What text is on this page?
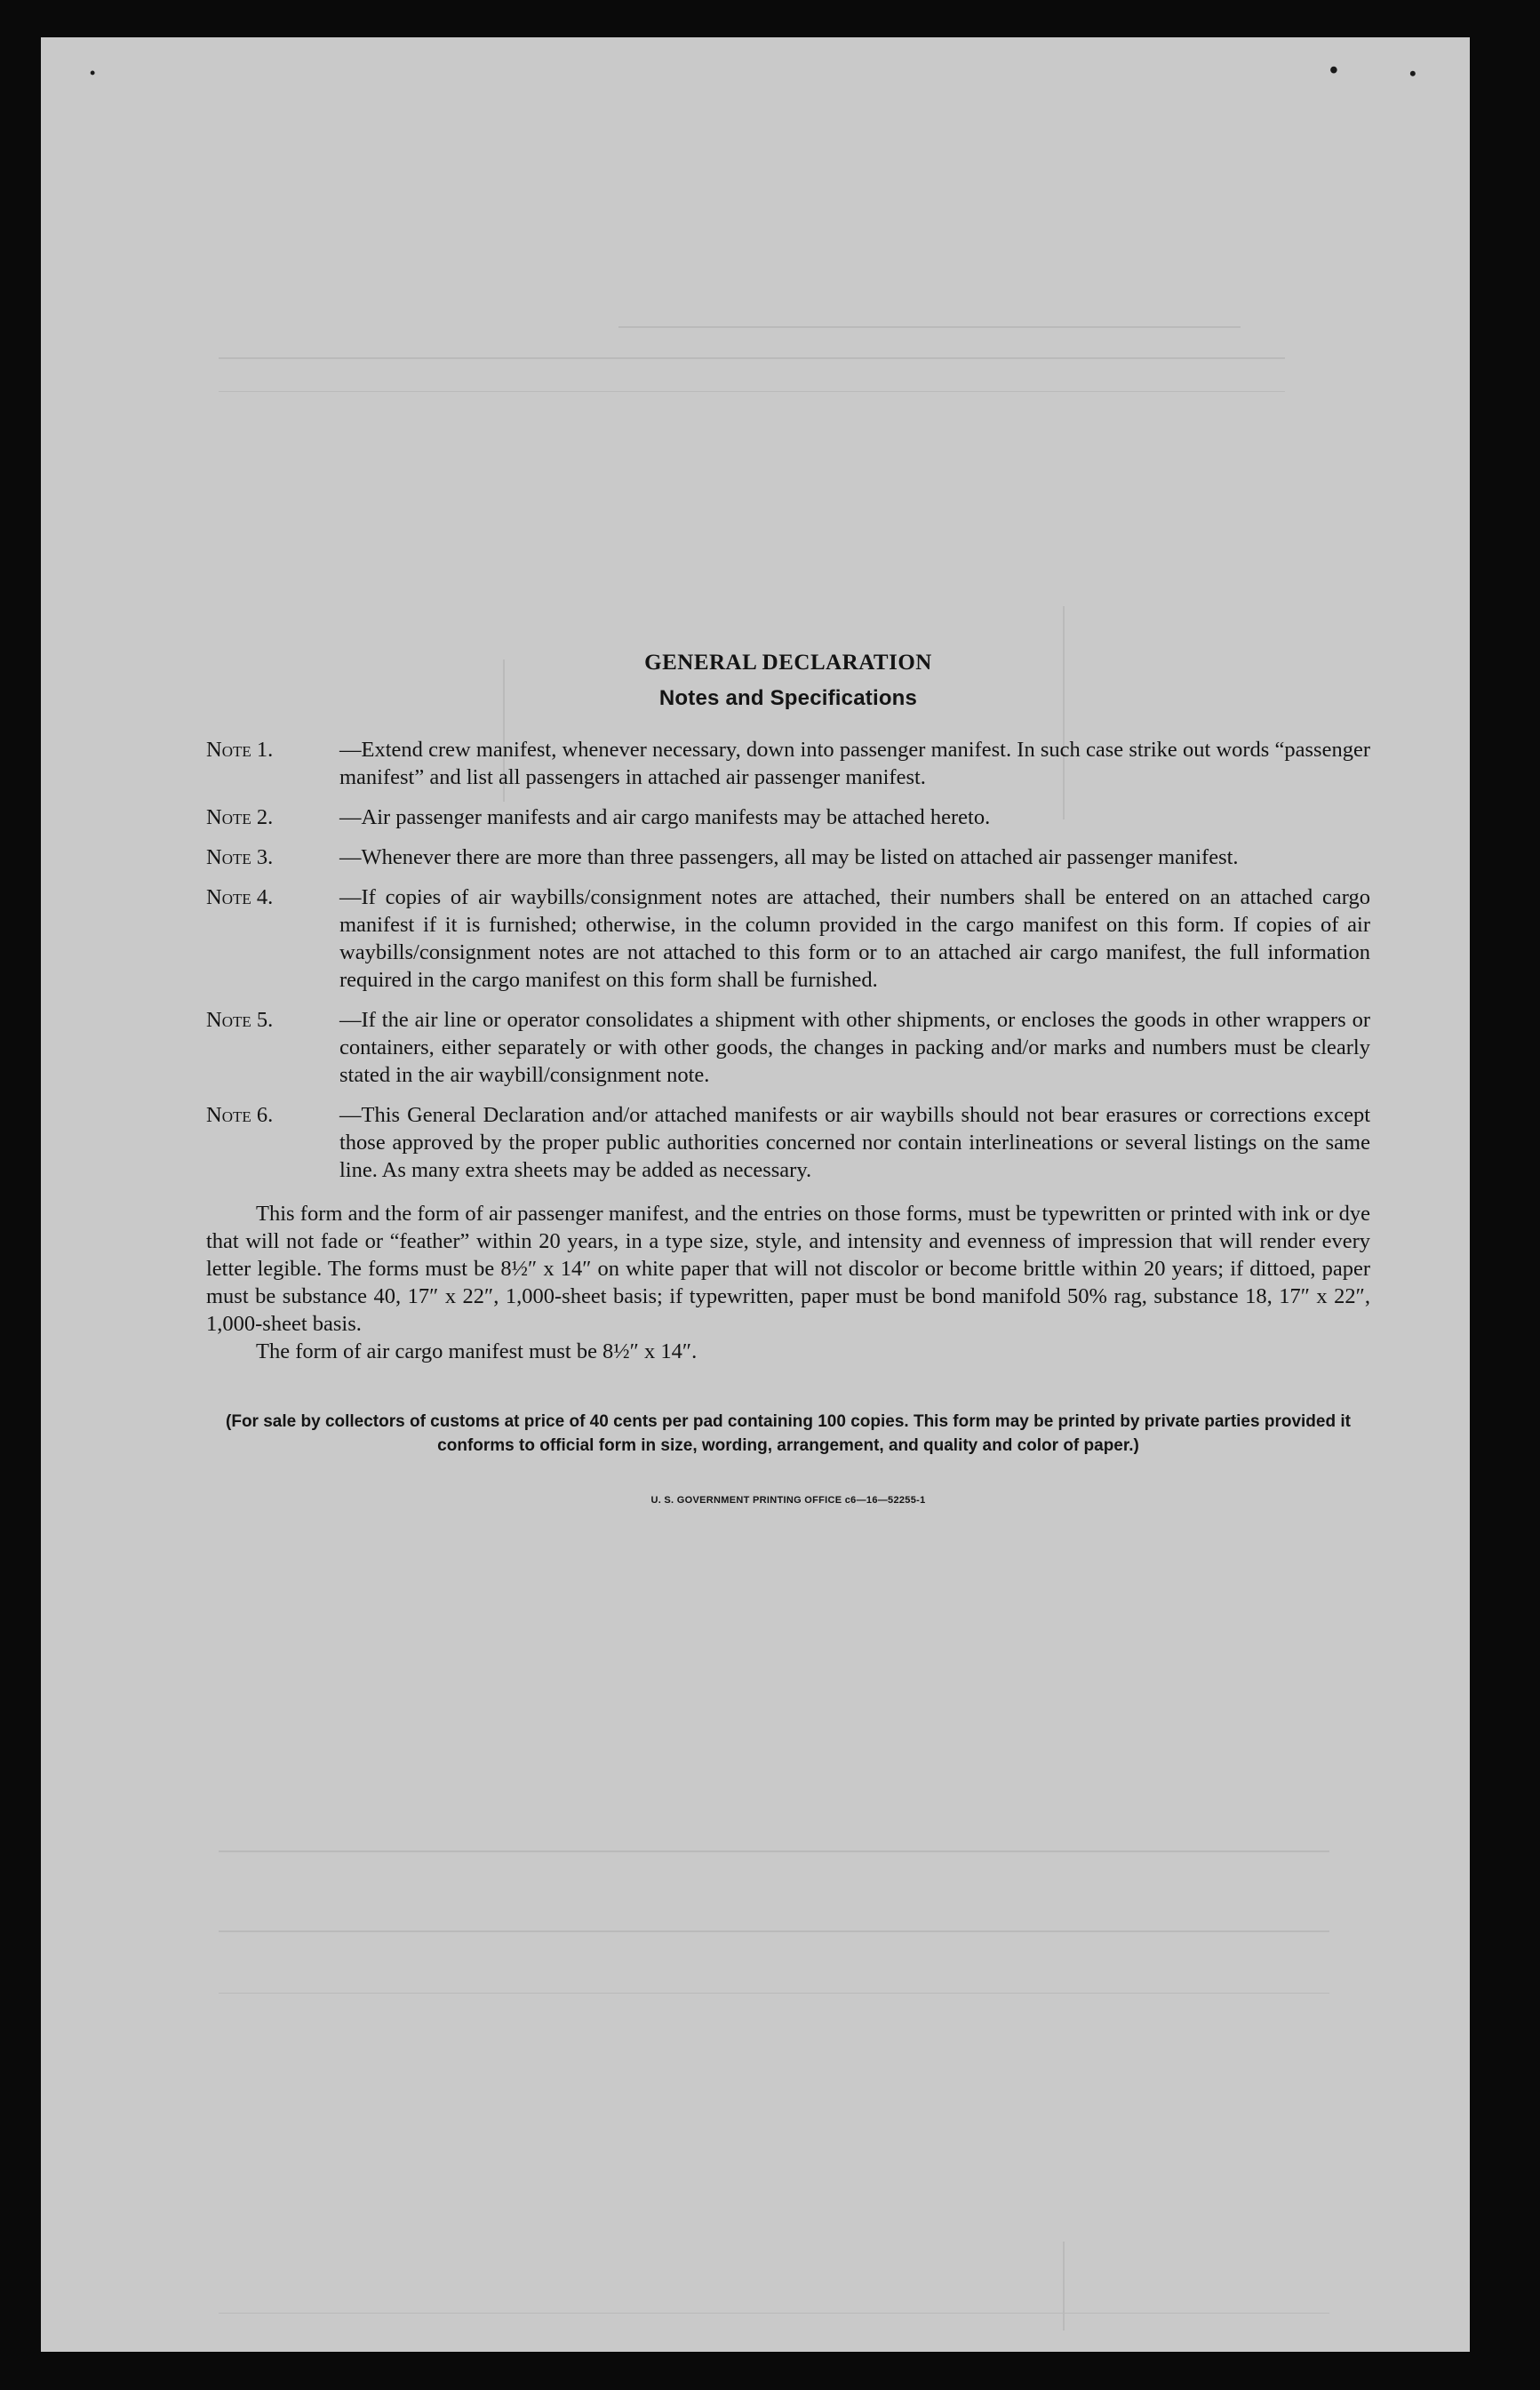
•	•	•
GENERAL DECLARATION
Notes and Specifications
Note 1.	— Extend crew manifest, whenever necessary, down into passenger manifest. In such case strike out words “passenger manifest” and list all passengers in attached air passenger manifest.
Note 2.	— Air passenger manifests and air cargo manifests may be attached hereto.
Note 3.	— Whenever there are more than three passengers, all may be listed on attached air passenger manifest.
Note 4.	— If copies of air waybills/consignment notes are attached, their numbers shall be entered on an attached cargo manifest if it is furnished; otherwise, in the column provided in the cargo manifest on this form. If copies of air waybills/consignment notes are not attached to this form or to an attached air cargo manifest, the full information required in the cargo manifest on this form shall be furnished.
Note 5.	— If the air line or operator consolidates a shipment with other shipments, or encloses the goods in other wrappers or containers, either separately or with other goods, the changes in packing and/or marks and numbers must be clearly stated in the air waybill/consignment note.
Note 6.	— This General Declaration and/or attached manifests or air waybills should not bear erasures or corrections except those approved by the proper public authorities concerned nor contain interlineations or several listings on the same line. As many extra sheets may be added as necessary.

This form and the form of air passenger manifest, and the entries on those forms, must be typewritten or printed with ink or dye that will not fade or “feather” within 20 years, in a type size, style, and intensity and evenness of impression that will render every letter legible. The forms must be 8½″ x 14″ on white paper that will not discolor or become brittle within 20 years; if dittoed, paper must be substance 40, 17″ x 22″, 1,000-sheet basis; if typewritten, paper must be bond manifold 50% rag, substance 18, 17″ x 22″, 1,000-sheet basis.

The form of air cargo manifest must be 8½″ x 14″.

(For sale by collectors of customs at price of 40 cents per pad containing 100 copies. This form may be printed by private parties provided it conforms to official form in size, wording, arrangement, and quality and color of paper.)

U. S. GOVERNMENT PRINTING OFFICE c6—16—52255-1
